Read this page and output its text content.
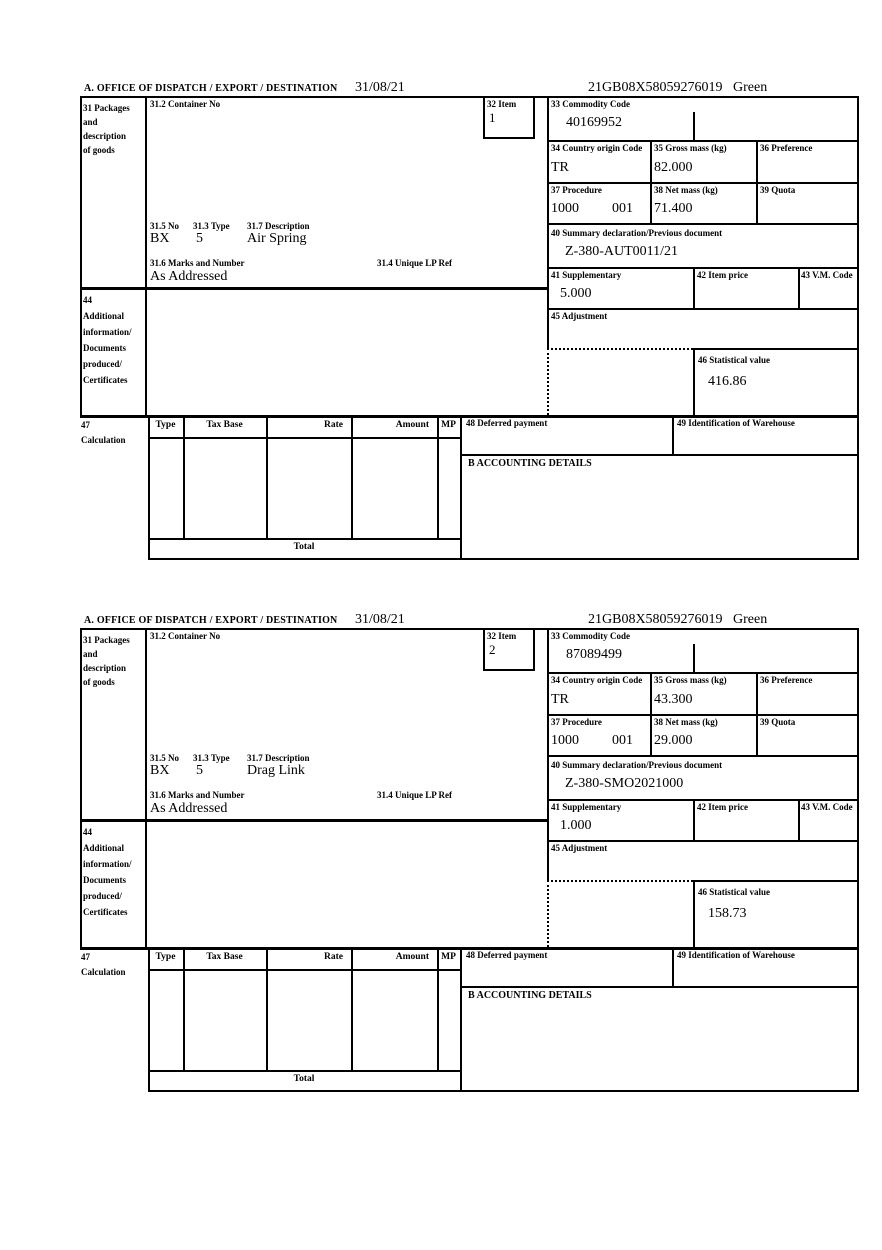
A. OFFICE OF DISPATCH / EXPORT / DESTINATION 31/08/21	21GB08X58059276019 Green
31 Packages
and
description
of goods
31.2 Container No	32 Item
1
33 Commodity Code
40169952
34 Country origin Code
TR
35 Gross mass (kg)
82.000
36 Preference
37 Procedure
1000 001
38 Net mass (kg)
71.400
39 Quota
40 Summary declaration/Previous document
Z-380-AUT0011/21
41 Supplementary
5.000
42 Item price	43 V.M. Code
45 Adjustment
46 Statistical value
416.86
31.5 No 31.3 Type 31.7 Description
BX 5	Air Spring
31.6 Marks and Number	31.4 Unique LP Ref
As Addressed
44
Additional
information/
Documents
produced/
Certificates
47
Calculation
Type	Tax Base	Rate	Amount	MP
Total
48 Deferred payment	49 Identification of Warehouse
B ACCOUNTING DETAILS
A. OFFICE OF DISPATCH / EXPORT / DESTINATION 31/08/21	21GB08X58059276019 Green
31 Packages
and
description
of goods
31.2 Container No	32 Item
2
33 Commodity Code
87089499
34 Country origin Code
TR
35 Gross mass (kg)
43.300
36 Preference
37 Procedure
1000 001
38 Net mass (kg)
29.000
39 Quota
40 Summary declaration/Previous document
Z-380-SMO2021000
41 Supplementary
1.000
42 Item price	43 V.M. Code
45 Adjustment
46 Statistical value
158.73
31.5 No 31.3 Type 31.7 Description
BX 5	Drag Link
31.6 Marks and Number	31.4 Unique LP Ref
As Addressed
44
Additional
information/
Documents
produced/
Certificates
47
Calculation
Type	Tax Base	Rate	Amount	MP
Total
48 Deferred payment	49 Identification of Warehouse
B ACCOUNTING DETAILS
